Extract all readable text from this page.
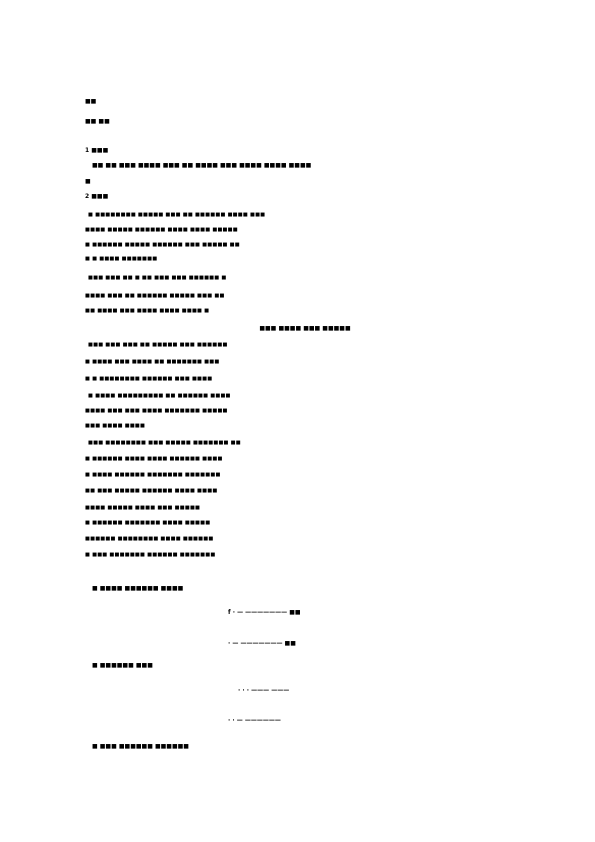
■■
■■ ■■
1 ■■■
■■ ■■ ■■■ ■■■■ ■■■ ■■ ■■■■ ■■■ ■■■■ ■■■■ ■■■■
■
2 ■■■
■ ■■■■■■■■ ■■■■■ ■■■ ■■ ■■■■■■ ■■■■ ■■■
■■■■ ■■■■■ ■■■■■■ ■■■■ ■■■■ ■■■■■
■ ■■■■■■ ■■■■■ ■■■■■■ ■■■ ■■■■■ ■■
■ ■ ■■■■ ■■■■■■■
■■■ ■■■ ■■ ■ ■■ ■■■ ■■■ ■■■■■■ ■
■■■■ ■■■ ■■ ■■■■■■ ■■■■■ ■■■ ■■
■■ ■■■■ ■■■ ■■■■ ■■■■ ■■■■ ■
■■■ ■■■■ ■■■ ■■■■■
■■■ ■■■ ■■■ ■■ ■■■■■ ■■■ ■■■■■■
■ ■■■■ ■■■ ■■■■ ■■ ■■■■■■■ ■■■
■ ■ ■■■■■■■■ ■■■■■■ ■■■ ■■■■
■ ■■■■ ■■■■■■■■■ ■■ ■■■■■■ ■■■■
■■■■ ■■■ ■■■ ■■■■ ■■■■■■■ ■■■■■
■■■ ■■■■ ■■■■
■■■ ■■■■■■■■ ■■■ ■■■■■ ■■■■■■■ ■■
■ ■■■■■■ ■■■■ ■■■■ ■■■■■■ ■■■■
■ ■■■■ ■■■■■■ ■■■■■■■ ■■■■■■■
■■ ■■■ ■■■■■ ■■■■■■ ■■■■ ■■■■
■■■■ ■■■■■ ■■■■ ■■■ ■■■■■
■ ■■■■■■ ■■■■■■■ ■■■■ ■■■■■
■■■■■■ ■■■■■■■■ ■■■■ ■■■■■■
■ ■■■ ■■■■■■■ ■■■■■■ ■■■■■■■
■ ■■■■ ■■■■■■ ■■■■
f · — ——————— ■■
· — ——————— ■■
■ ■■■■■■ ■■■
· · · ——— ———
· · — ——————
■ ■■■ ■■■■■■ ■■■■■■
